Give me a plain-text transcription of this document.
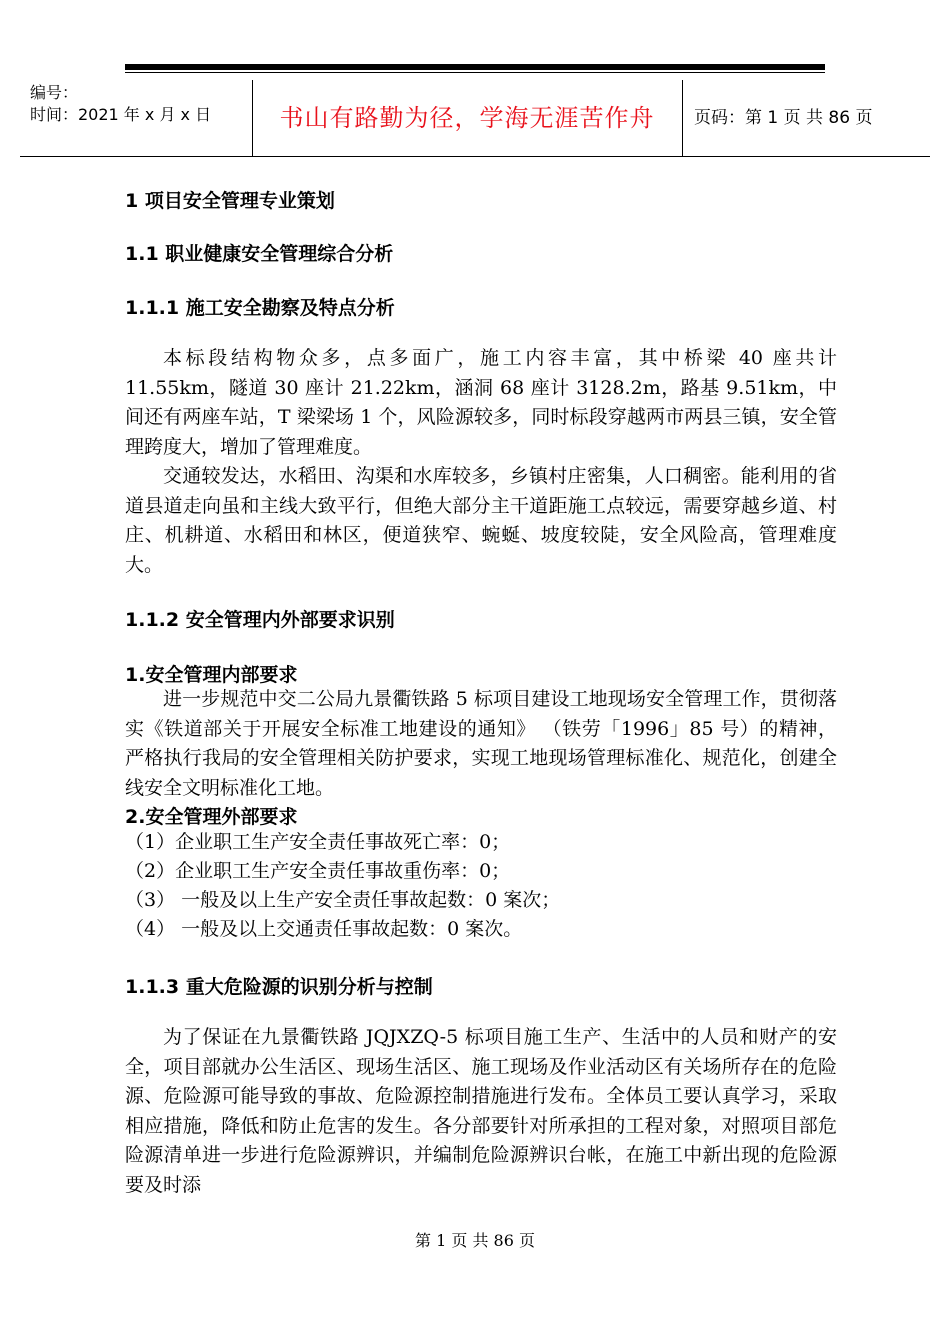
编号：
时间：2021 年 x 月 x 日	书山有路勤为径，学海无涯苦作舟	页码：第 1 页 共 86 页
1 项目安全管理专业策划
1.1 职业健康安全管理综合分析
1.1.1 施工安全勘察及特点分析
本标段结构物众多，点多面广，施工内容丰富，其中桥梁 40 座共计 11.55km，隧道 30 座计 21.22km，涵洞 68 座计 3128.2m，路基 9.51km，中间还有两座车站，T 梁梁场 1 个，风险源较多，同时标段穿越两市两县三镇，安全管理跨度大，增加了管理难度。
交通较发达，水稻田、沟渠和水库较多，乡镇村庄密集，人口稠密。能利用的省道县道走向虽和主线大致平行，但绝大部分主干道距施工点较远，需要穿越乡道、村庄、机耕道、水稻田和林区，便道狭窄、蜿蜒、坡度较陡，安全风险高，管理难度大。
1.1.2 安全管理内外部要求识别
1.安全管理内部要求
进一步规范中交二公局九景衢铁路 5 标项目建设工地现场安全管理工作，贯彻落实《铁道部关于开展安全标准工地建设的通知》 （铁劳「1996」85 号）的精神， 严格执行我局的安全管理相关防护要求，实现工地现场管理标准化、规范化，创建全线安全文明标准化工地。
2.安全管理外部要求
（1）企业职工生产安全责任事故死亡率：0；
（2）企业职工生产安全责任事故重伤率：0；
（3） 一般及以上生产安全责任事故起数：0 案次；
（4） 一般及以上交通责任事故起数：0 案次。
1.1.3 重大危险源的识别分析与控制
为了保证在九景衢铁路 JQJXZQ-5 标项目施工生产、生活中的人员和财产的安全，项目部就办公生活区、现场生活区、施工现场及作业活动区有关场所存在的危险源、危险源可能导致的事故、危险源控制措施进行发布。全体员工要认真学习，采取相应措施，降低和防止危害的发生。各分部要针对所承担的工程对象，对照项目部危险源清单进一步进行危险源辨识，并编制危险源辨识台帐，在施工中新出现的危险源要及时添
第 1 页 共 86 页
